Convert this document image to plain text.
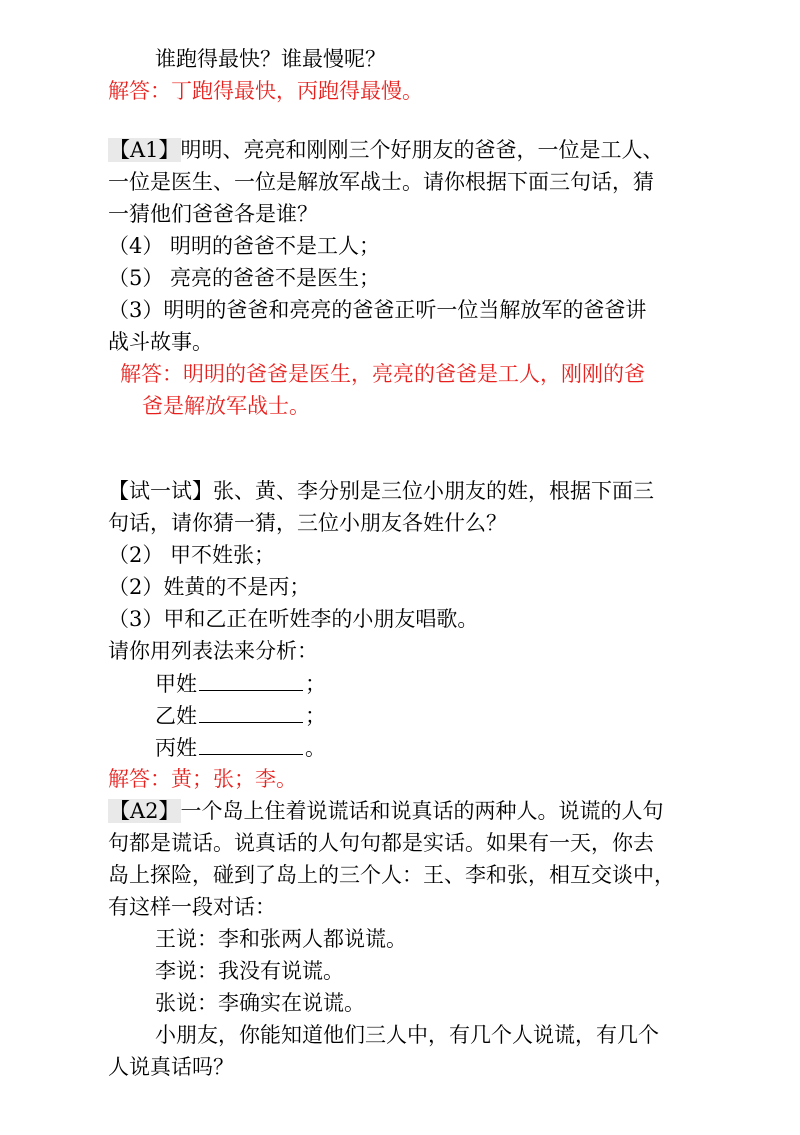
谁跑得最快？谁最慢呢？
解答：丁跑得最快，丙跑得最慢。
【A1】明明、亮亮和刚刚三个好朋友的爸爸，一位是工人、
一位是医生、一位是解放军战士。请你根据下面三句话，猜
一猜他们爸爸各是谁？
（4） 明明的爸爸不是工人；
（5） 亮亮的爸爸不是医生；
（3）明明的爸爸和亮亮的爸爸正听一位当解放军的爸爸讲
战斗故事。
解答：明明的爸爸是医生，亮亮的爸爸是工人，刚刚的爸
爸是解放军战士。
【试一试】张、黄、李分别是三位小朋友的姓，根据下面三
句话，请你猜一猜，三位小朋友各姓什么？
（2） 甲不姓张；
（2）姓黄的不是丙；
（3）甲和乙正在听姓李的小朋友唱歌。
请你用列表法来分析：
甲姓	；
乙姓	；
丙姓	。
解答：黄；张；李。
【A2】一个岛上住着说谎话和说真话的两种人。说谎的人句
句都是谎话。说真话的人句句都是实话。如果有一天，你去
岛上探险，碰到了岛上的三个人：王、李和张，相互交谈中，
有这样一段对话：
王说：李和张两人都说谎。
李说：我没有说谎。
张说：李确实在说谎。
小朋友，你能知道他们三人中，有几个人说谎，有几个
人说真话吗？
